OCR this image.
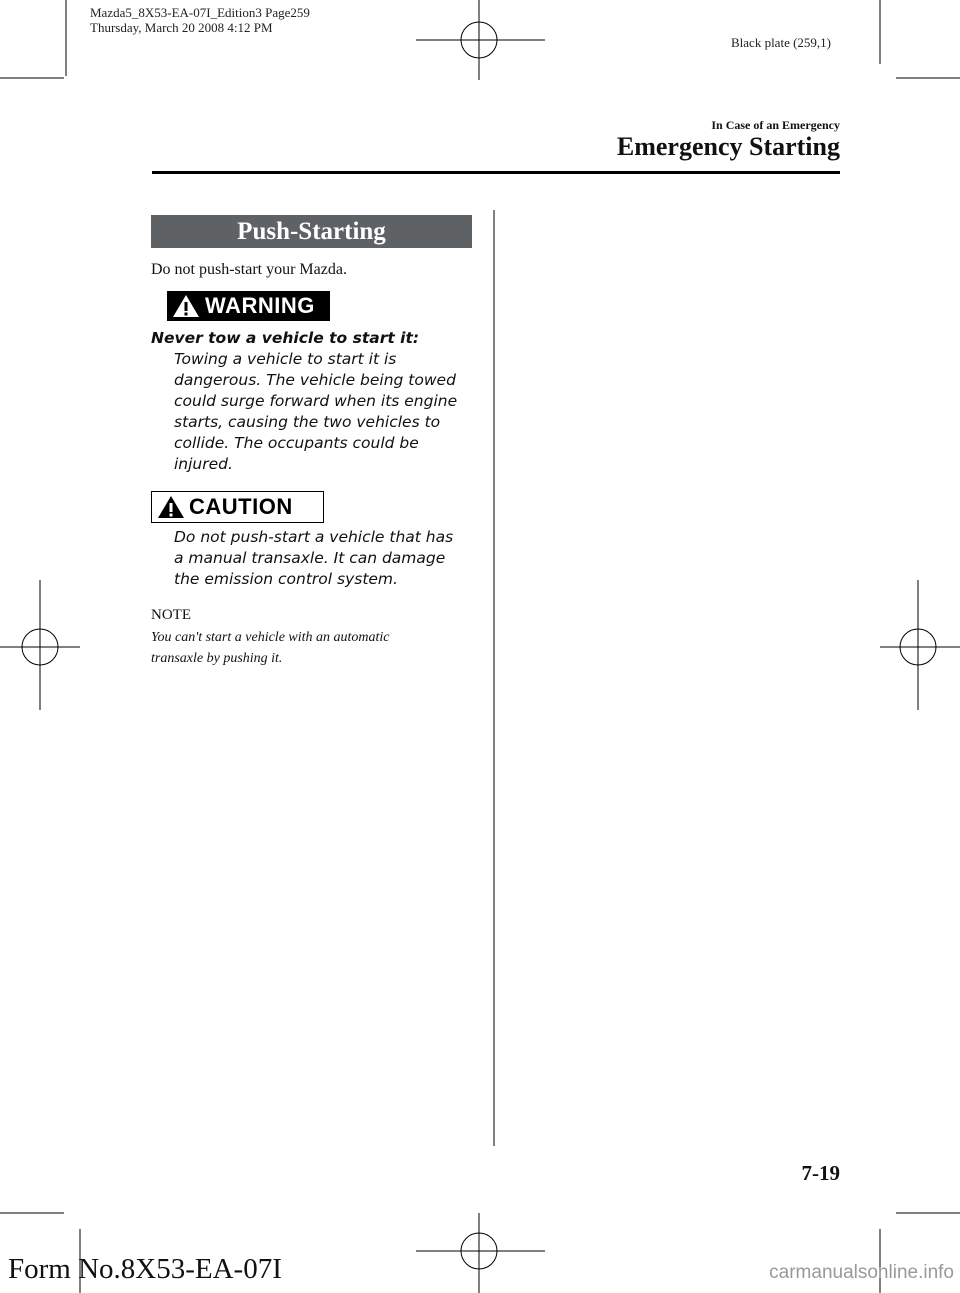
Mazda5_8X53-EA-07I_Edition3 Page259
Thursday, March 20 2008 4:12 PM
Black plate (259,1)
In Case of an Emergency
Emergency Starting
Push-Starting
Do not push-start your Mazda.
WARNING
Never tow a vehicle to start it:
Towing a vehicle to start it is
dangerous. The vehicle being towed
could surge forward when its engine
starts, causing the two vehicles to
collide. The occupants could be
injured.
CAUTION
Do not push-start a vehicle that has
a manual transaxle. It can damage
the emission control system.
NOTE
You can't start a vehicle with an automatic
transaxle by pushing it.
7-19
Form No.8X53-EA-07I	carmanualsonline.info
